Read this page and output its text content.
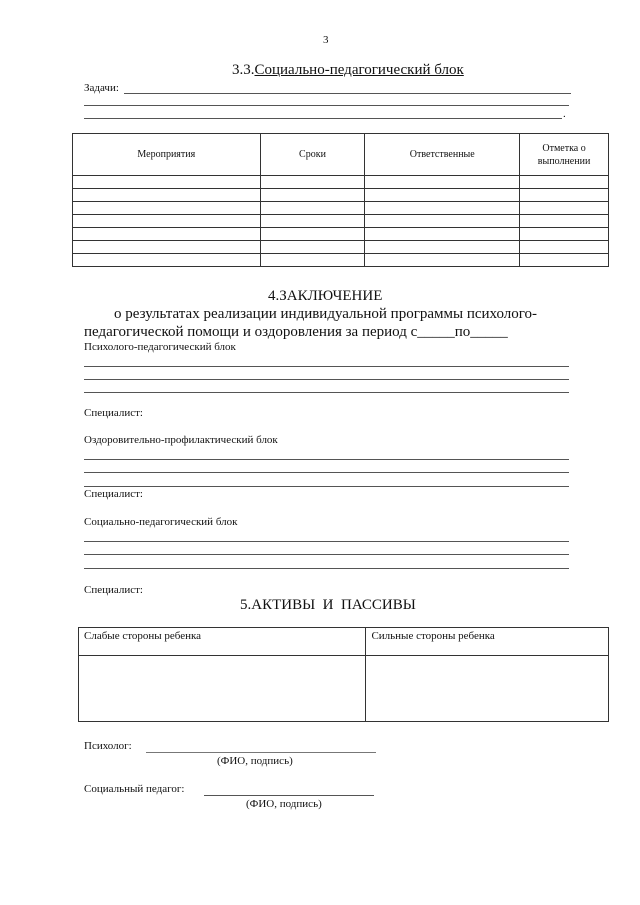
3
3.3.Социально-педагогический блок
Задачи:
.
Мероприятия	Сроки	Ответственные	Отметка о выполнении

4.ЗАКЛЮЧЕНИЕ
о результатах реализации индивидуальной программы психолого-
педагогической помощи и оздоровления за период с_____по_____
Психолого-педагогический блок
Специалист:
Оздоровительно-профилактический блок
Специалист:
Социально-педагогический блок
Специалист:
5.АКТИВЫ  И  ПАССИВЫ
Слабые стороны ребенка	Сильные стороны ребенка

Психолог:
(ФИО, подпись)
Социальный педагог:
(ФИО, подпись)
